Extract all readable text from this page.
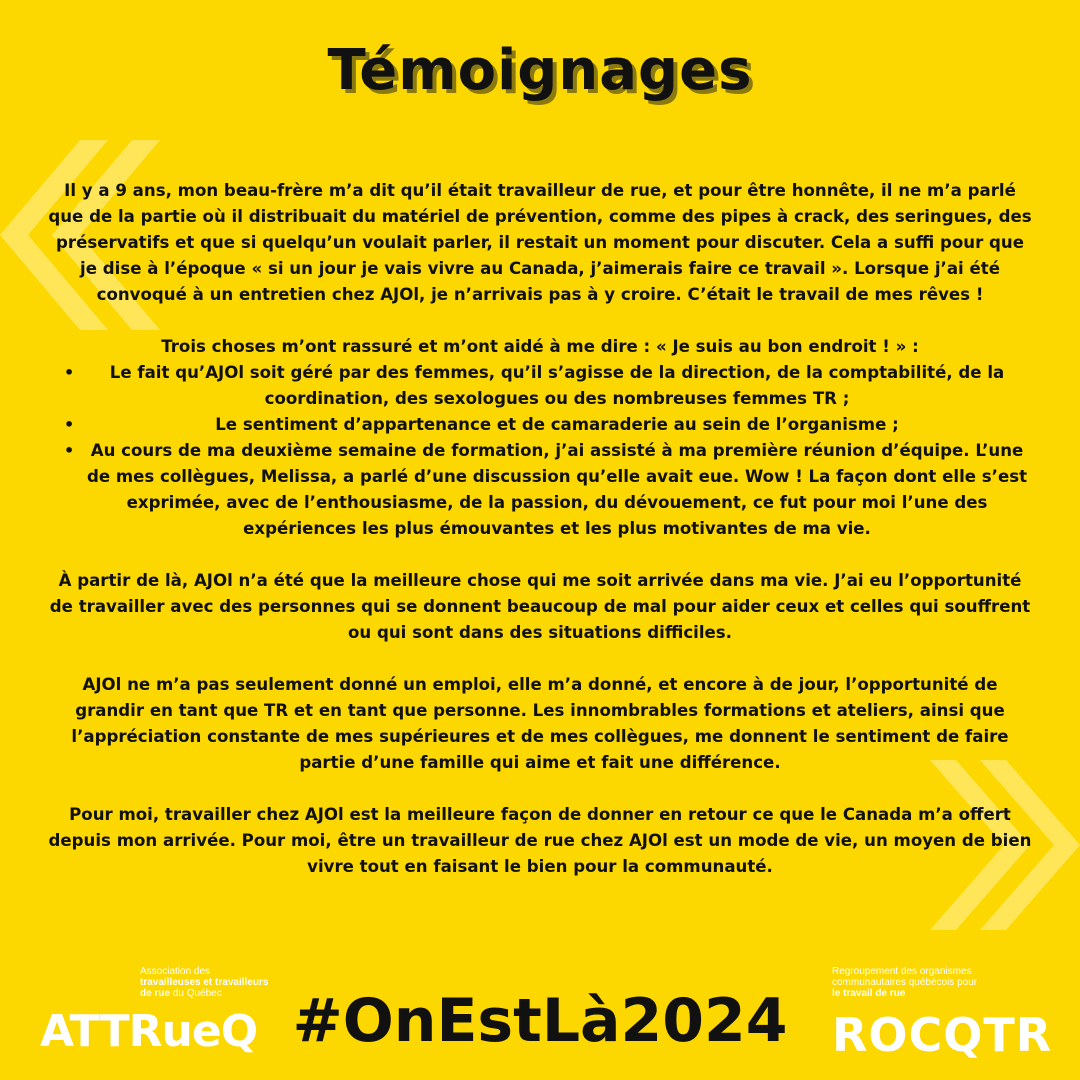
Témoignages

Il y a 9 ans, mon beau-frère m’a dit qu’il était travailleur de rue, et pour être honnête, il ne m’a parlé que de la partie où il distribuait du matériel de prévention, comme des pipes à crack, des seringues, des préservatifs et que si quelqu’un voulait parler, il restait un moment pour discuter. Cela a suffi pour que je dise à l’époque « si un jour je vais vivre au Canada, j’aimerais faire ce travail ». Lorsque j’ai été convoqué à un entretien chez AJOl, je n’arrivais pas à y croire. C’était le travail de mes rêves !

Trois choses m’ont rassuré et m’ont aidé à me dire : « Je suis au bon endroit ! » :

• Le fait qu’AJOl soit géré par des femmes, qu’il s’agisse de la direction, de la comptabilité, de la coordination, des sexologues ou des nombreuses femmes TR ;
•	Le sentiment d’appartenance et de camaraderie au sein de l’organisme ;
• Au cours de ma deuxième semaine de formation, j’ai assisté à ma première réunion d’équipe. L’une de mes collègues, Melissa, a parlé d’une discussion qu’elle avait eue. Wow ! La façon dont elle s’est exprimée, avec de l’enthousiasme, de la passion, du dévouement, ce fut pour moi l’une des expériences les plus émouvantes et les plus motivantes de ma vie.

À partir de là, AJOl n’a été que la meilleure chose qui me soit arrivée dans ma vie. J’ai eu l’opportunité de travailler avec des personnes qui se donnent beaucoup de mal pour aider ceux et celles qui souffrent ou qui sont dans des situations difficiles.

AJOl ne m’a pas seulement donné un emploi, elle m’a donné, et encore à de jour, l’opportunité de grandir en tant que TR et en tant que personne. Les innombrables formations et ateliers, ainsi que l’appréciation constante de mes supérieures et de mes collègues, me donnent le sentiment de faire partie d’une famille qui aime et fait une différence.

Pour moi, travailler chez AJOl est la meilleure façon de donner en retour ce que le Canada m’a offert depuis mon arrivée. Pour moi, être un travailleur de rue chez AJOl est un mode de vie, un moyen de bien vivre tout en faisant le bien pour la communauté.

Association des
travailleuses et travailleurs
de rue du Québec
ATTRueQ #OnEstLà2024
Regroupement des organismes
communautaires québécois pour
le travail de rue
ROCQTR
